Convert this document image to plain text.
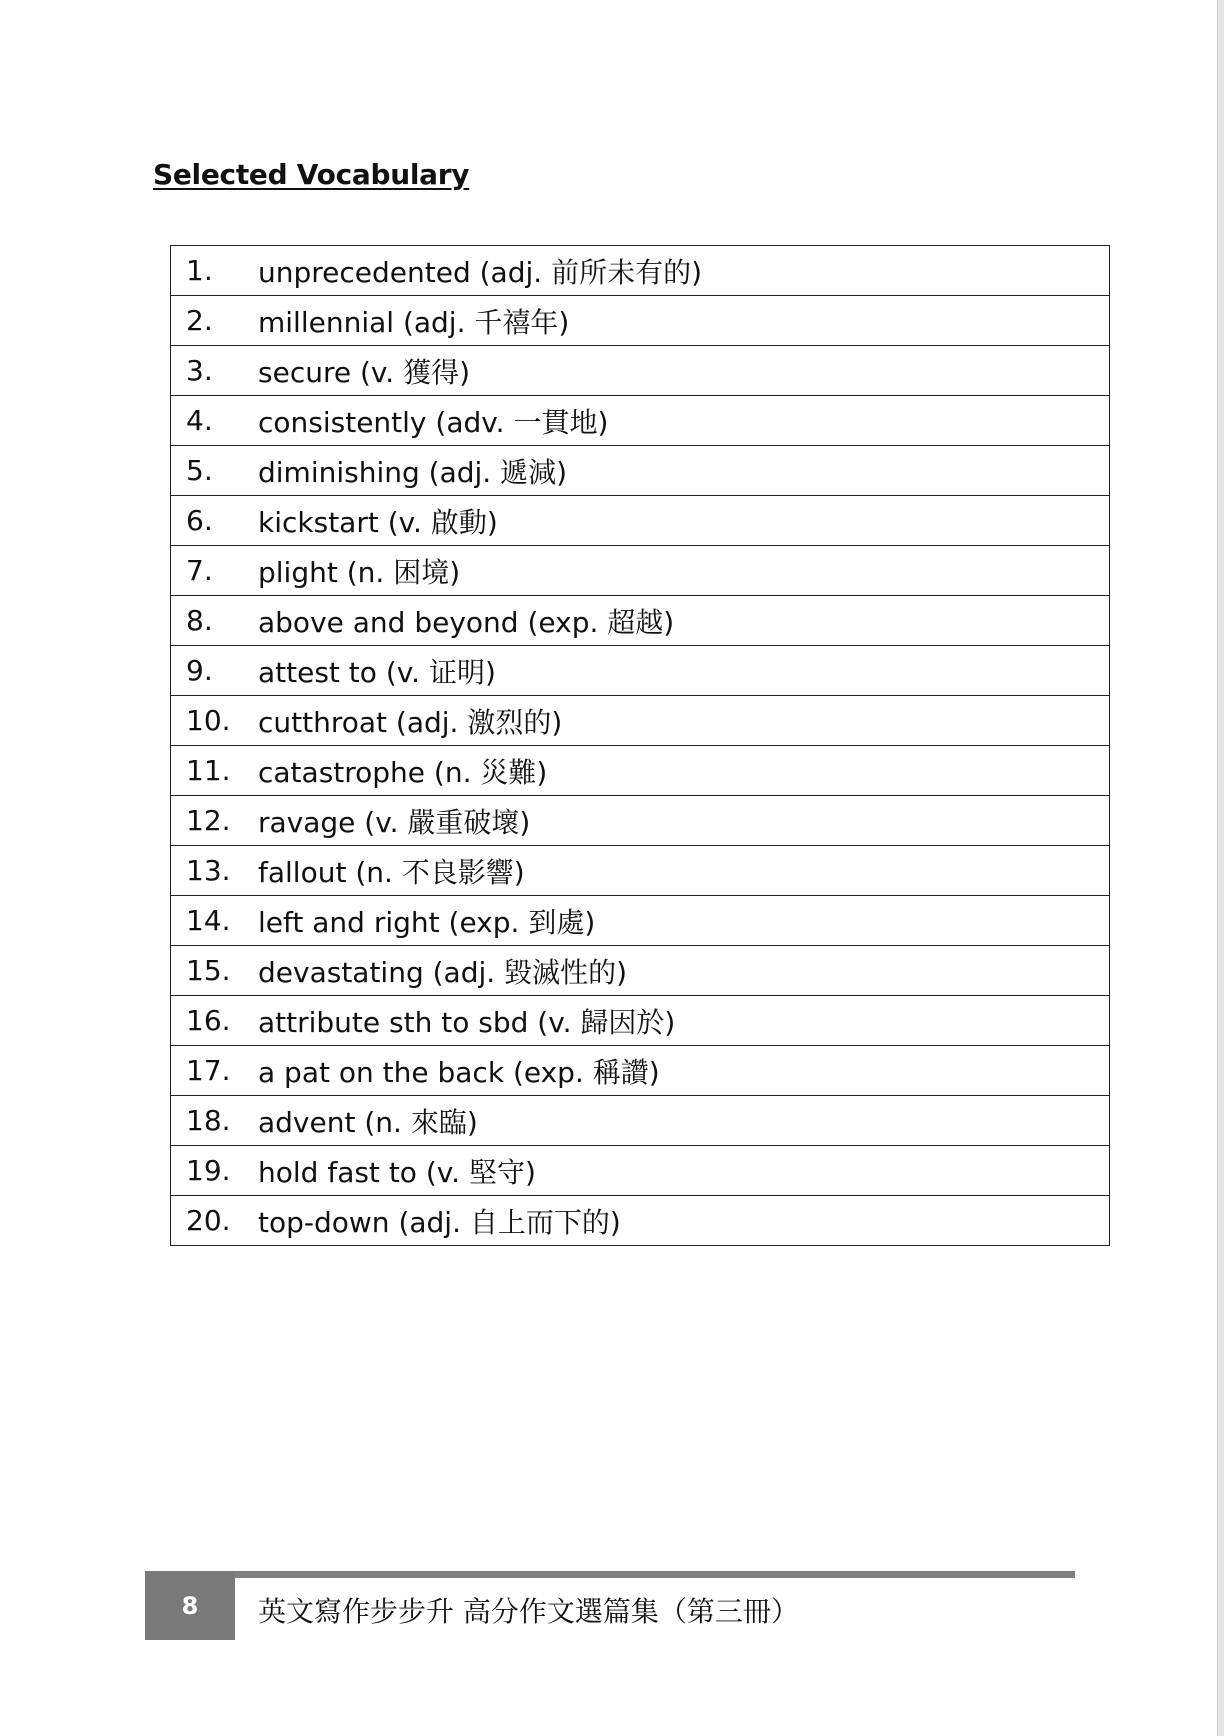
Selected Vocabulary
1.	unprecedented (adj. 前所未有的)

2.	millennial (adj. 千禧年)

3.	secure (v. 獲得)

4.	consistently (adv. 一貫地)

5.	diminishing (adj. 遞減)

6.	kickstart (v. 啟動)

7.	plight (n. 困境)

8.	above and beyond (exp. 超越)

9.	attest to (v. 证明)

10. cutthroat (adj. 激烈的)

11. catastrophe (n. 災難)

12. ravage (v. 嚴重破壞)

13. fallout (n. 不良影響)

14. left and right (exp. 到處)

15. devastating (adj. 毀滅性的)

16. attribute sth to sbd (v. 歸因於)

17. a pat on the back (exp. 稱讚)

18. advent (n. 來臨)

19. hold fast to (v. 堅守)

20. top-down (adj. 自上而下的)
8 英文寫作步步升 高分作文選篇集（第三冊）
